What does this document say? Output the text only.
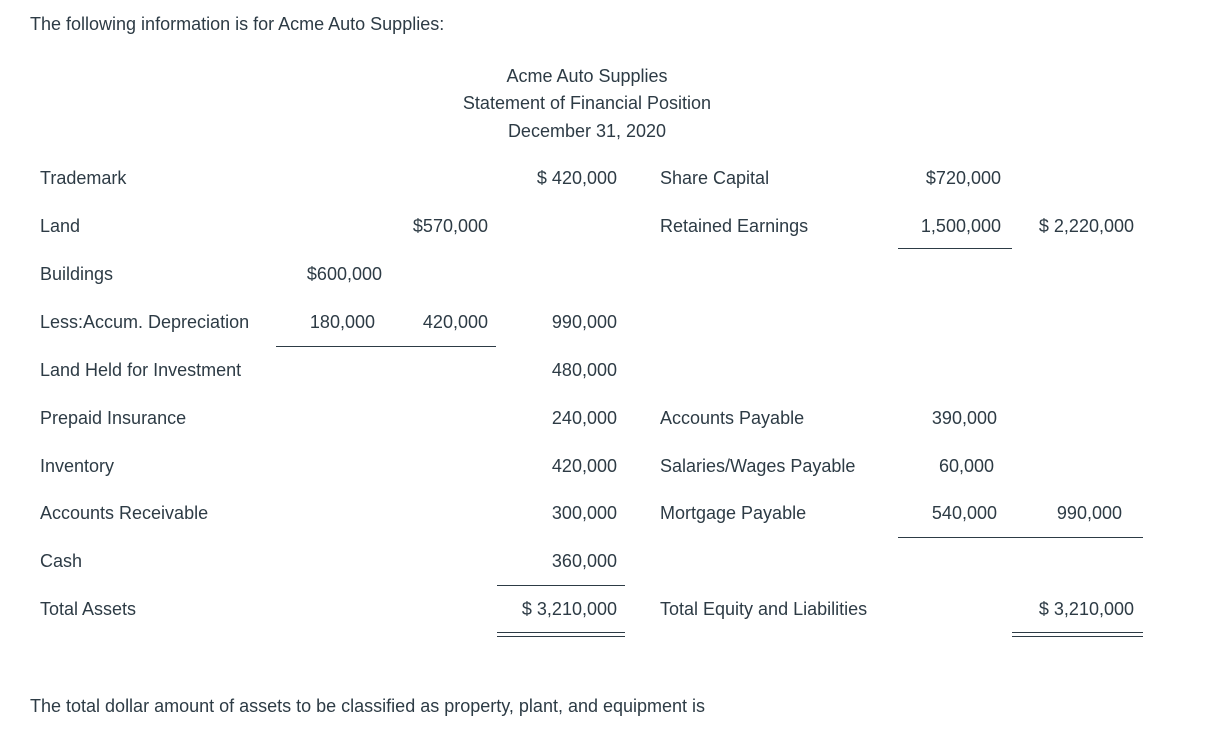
The following information is for Acme Auto Supplies:
Acme Auto Supplies
Statement of Financial Position
December 31, 2020
Trademark
Land
Buildings
Less:Accum. Depreciation
Land Held for Investment
Prepaid Insurance
Inventory
Accounts Receivable
Cash
Total Assets
$600,000
180,000
$570,000
420,000
$ 420,000
990,000
480,000
240,000
420,000
300,000
360,000
$ 3,210,000
Share Capital
Retained Earnings
Accounts Payable
Salaries/Wages Payable
Mortgage Payable
Total Equity and Liabilities
$720,000
1,500,000
390,000
60,000
540,000
$ 2,220,000
990,000
$ 3,210,000
The total dollar amount of assets to be classified as property, plant, and equipment is
